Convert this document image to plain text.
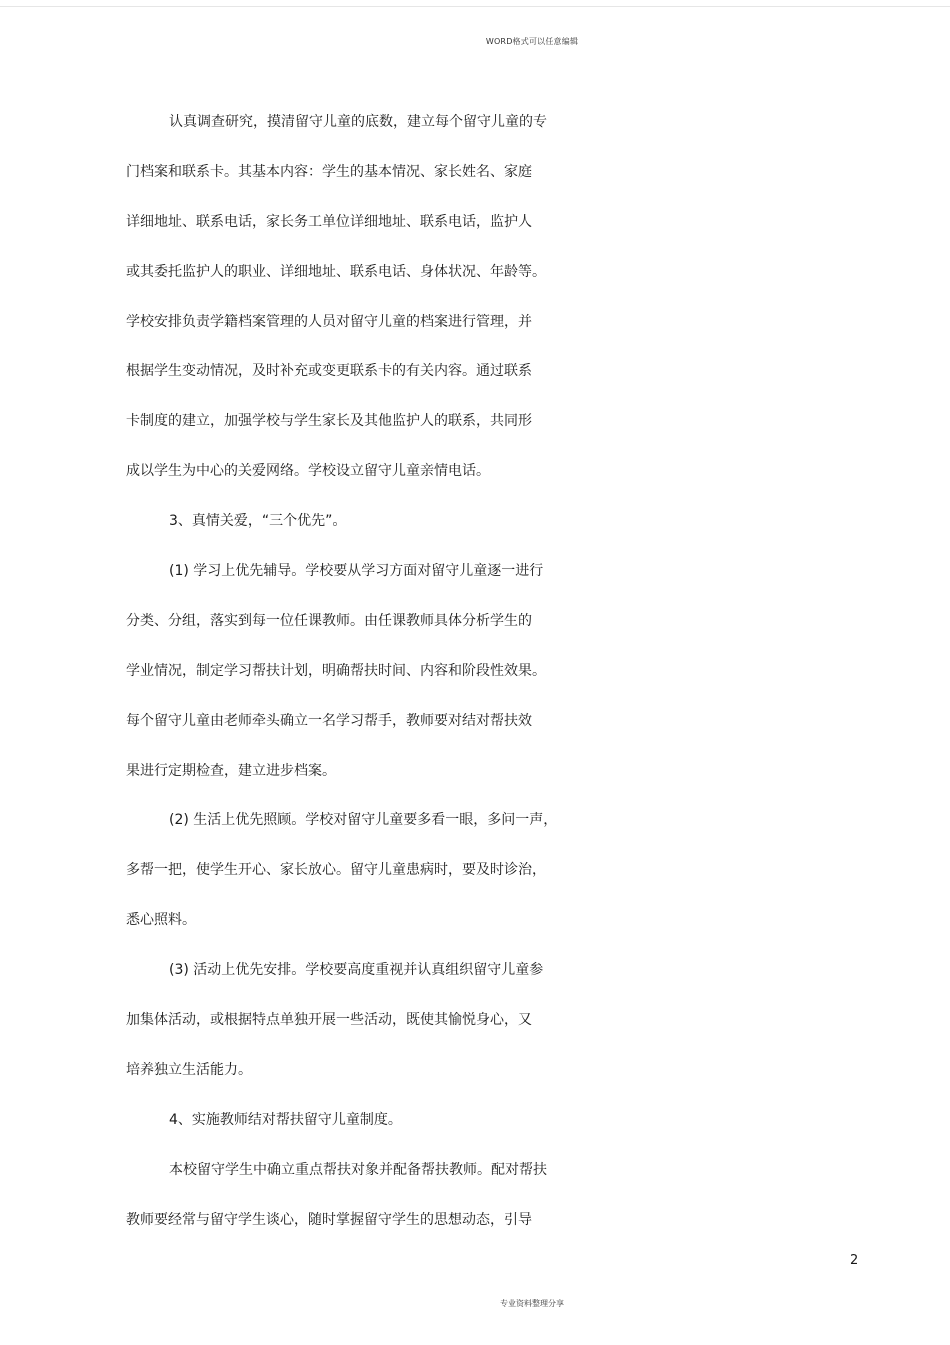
WORD格式可以任意编辑
认真调查研究，摸清留守儿童的底数，建立每个留守儿童的专
门档案和联系卡。其基本内容：学生的基本情况、家长姓名、家庭
详细地址、联系电话，家长务工单位详细地址、联系电话，监护人
或其委托监护人的职业、详细地址、联系电话、身体状况、年龄等。
学校安排负责学籍档案管理的人员对留守儿童的档案进行管理，并
根据学生变动情况，及时补充或变更联系卡的有关内容。通过联系
卡制度的建立，加强学校与学生家长及其他监护人的联系，共同形
成以学生为中心的关爱网络。学校设立留守儿童亲情电话。
3、真情关爱，“三个优先”。
(1) 学习上优先辅导。学校要从学习方面对留守儿童逐一进行
分类、分组，落实到每一位任课教师。由任课教师具体分析学生的
学业情况，制定学习帮扶计划，明确帮扶时间、内容和阶段性效果。
每个留守儿童由老师牵头确立一名学习帮手，教师要对结对帮扶效
果进行定期检查，建立进步档案。
(2) 生活上优先照顾。学校对留守儿童要多看一眼，多问一声，
多帮一把，使学生开心、家长放心。留守儿童患病时，要及时诊治，
悉心照料。
(3) 活动上优先安排。学校要高度重视并认真组织留守儿童参
加集体活动，或根据特点单独开展一些活动，既使其愉悦身心，又
培养独立生活能力。
4、实施教师结对帮扶留守儿童制度。
本校留守学生中确立重点帮扶对象并配备帮扶教师。配对帮扶
教师要经常与留守学生谈心，随时掌握留守学生的思想动态，引导
2
专业资料整理分享
